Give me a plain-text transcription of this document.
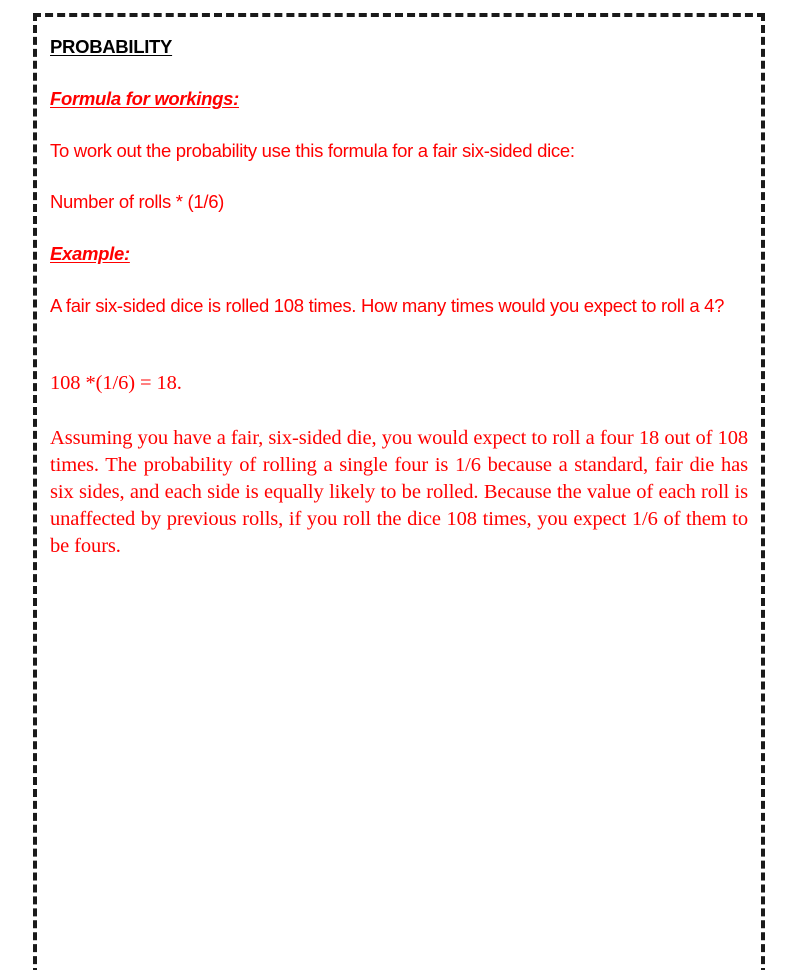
PROBABILITY
Formula for workings:
To work out the probability use this formula for a fair six-sided dice:
Number of rolls * (1/6)
Example:
A fair six-sided dice is rolled 108 times. How many times would you expect to roll a 4?
108 *(1/6) = 18.
Assuming you have a fair, six-sided die, you would expect to roll a four 18 out of 108 times. The probability of rolling a single four is 1/6 because a standard, fair die has six sides, and each side is equally likely to be rolled. Because the value of each roll is unaffected by previous rolls, if you roll the dice 108 times, you expect 1/6 of them to be fours.
